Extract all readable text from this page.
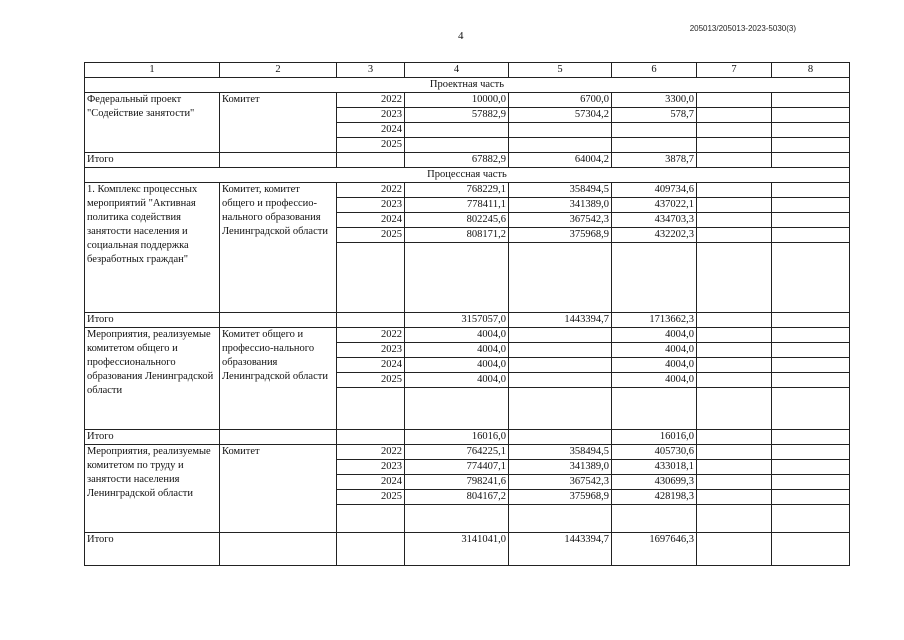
205013/205013-2023-5030(3)
4
1	2	3	4	5	6	7	8
Проектная часть							
Федеральный проект "Содействие занятости"	Комитет	2022	10000,0	6700,0	3300,0		
		2023	57882,9	57304,2	578,7		
		2024					
		2025					
Итого			67882,9	64004,2	3878,7		
Процессная часть							
1. Комплекс процессных мероприятий "Активная политика содействия занятости населения и социальная поддержка безработных граждан"	Комитет, комитет общего и профессио-нального образования Ленинградской области	2022	768229,1	358494,5	409734,6		
		2023	778411,1	341389,0	437022,1		
		2024	802245,6	367542,3	434703,3		
		2025	808171,2	375968,9	432202,3		

Итого			3157057,0	1443394,7	1713662,3		
Мероприятия, реализуемые комитетом общего и профессионального образования Ленинградской области	Комитет общего и профессио-нального образования Ленинградской области	2022	4004,0		4004,0		
		2023	4004,0		4004,0		
		2024	4004,0		4004,0		
		2025	4004,0		4004,0		

Итого			16016,0		16016,0		
Мероприятия, реализуемые комитетом по труду и занятости населения Ленинградской области	Комитет	2022	764225,1	358494,5	405730,6		
		2023	774407,1	341389,0	433018,1		
		2024	798241,6	367542,3	430699,3		
		2025	804167,2	375968,9	428198,3		

Итого			3141041,0	1443394,7	1697646,3		
